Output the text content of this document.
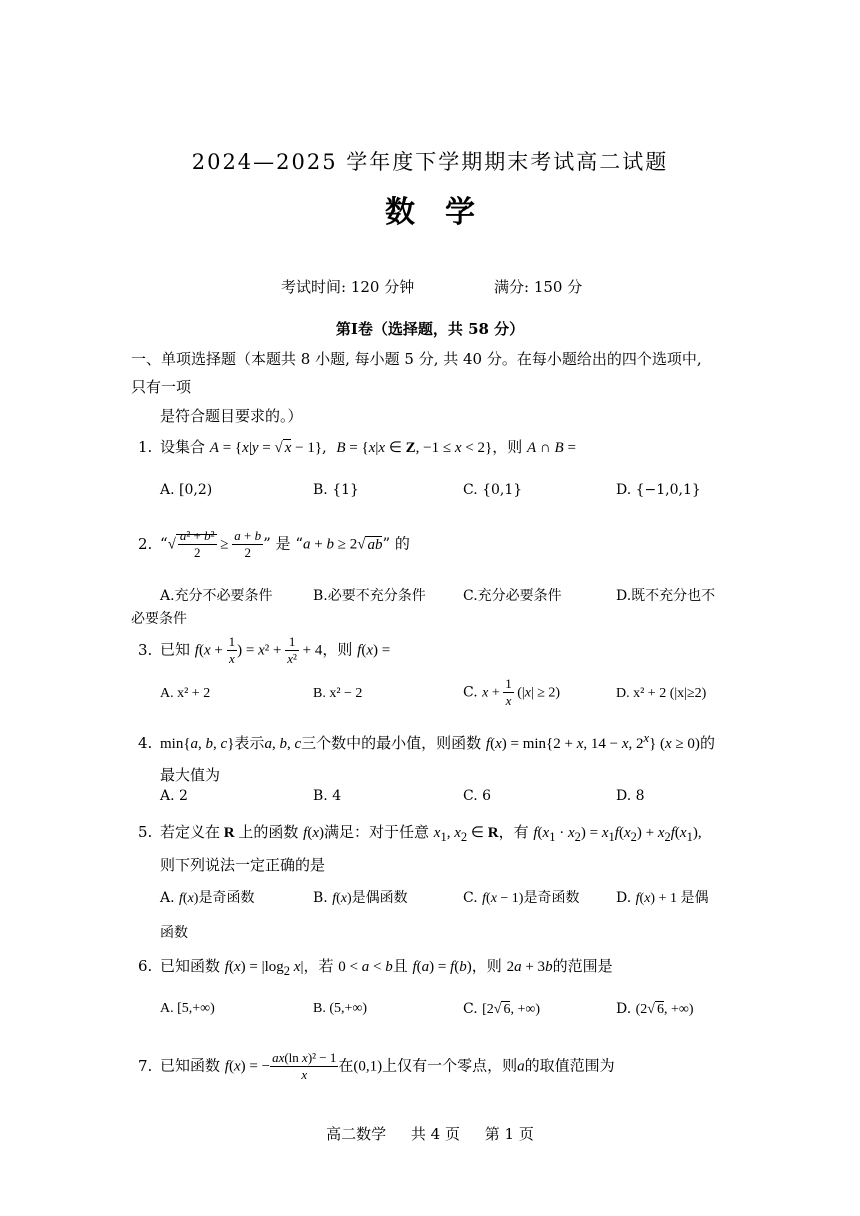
2024—2025 学年度下学期期末考试高二试题
数学
考试时间: 120 分钟	满分: 150 分
第Ⅰ卷（选择题，共 58 分）
一、单项选择题（本题共 8 小题, 每小题 5 分, 共 40 分。在每小题给出的四个选项中,
只有一项
是符合题目要求的。）
1. 设集合 A = {x|y = √ x − 1},  B = {x|x ∈ Z, −1 ≤ x < 2}，则 A ∩ B =
A. [0,2)	B. {1}	C. {0,1}	D. {−1,0,1}
2. “√ $\frac{\text{a² + b²}}{2} \ge \frac{a + b}{2}$ ” 是 “a + b ≥ 2√ ab” 的
A.充分不必要条件	B.必要不充分条件	C.充分必要条件	D.既不充分也不
必要条件
3. 已知 $f(x + \frac{1}{x}$ ) = $x^2 + \frac{1}{\text{x²}} + 4$，则 f(x) =
A. x² + 2	B. x² − 2	C. $x + \frac{1}{x} (|x| \ge 2)$	D. x² + 2 (|x|≥2)
4. min{a, b, c}表示a, b, c三个数中的最小值，则函数 f(x) = min{2 + x, 14 − x, 2$^x$} (x ≥ 0)的
最大值为
A. 2	B. 4	C. 6	D. 8
5. 若定义在 R 上的函数 f(x)满足：对于任意 $x_1$, $x_2$ ∈ R，有 $f(x_1 \cdot x_2) = x_1f(x_2) + x_2f(x_1)$,
则下列说法一定正确的是
A. f(x)是奇函数	B. f(x)是偶函数	C. f(x − 1)是奇函数	D. f(x) + 1 是偶
函数
6. 已知函数 $f(x) = |\log_2$ x|，若 0 < a < b且 f(a) = f(b)，则 2a + 3b的范围是
A. [5,+∞)	B. (5,+∞)	C. [2√ 6, +∞)	D. (2√ 6, +∞)
7. 已知函数 f(x) = − $\frac{\text{ax(ln x)² − 1}}{x}$ 在(0,1)上仅有一个零点，则a的取值范围为
高二数学 共 4 页 第 1 页
